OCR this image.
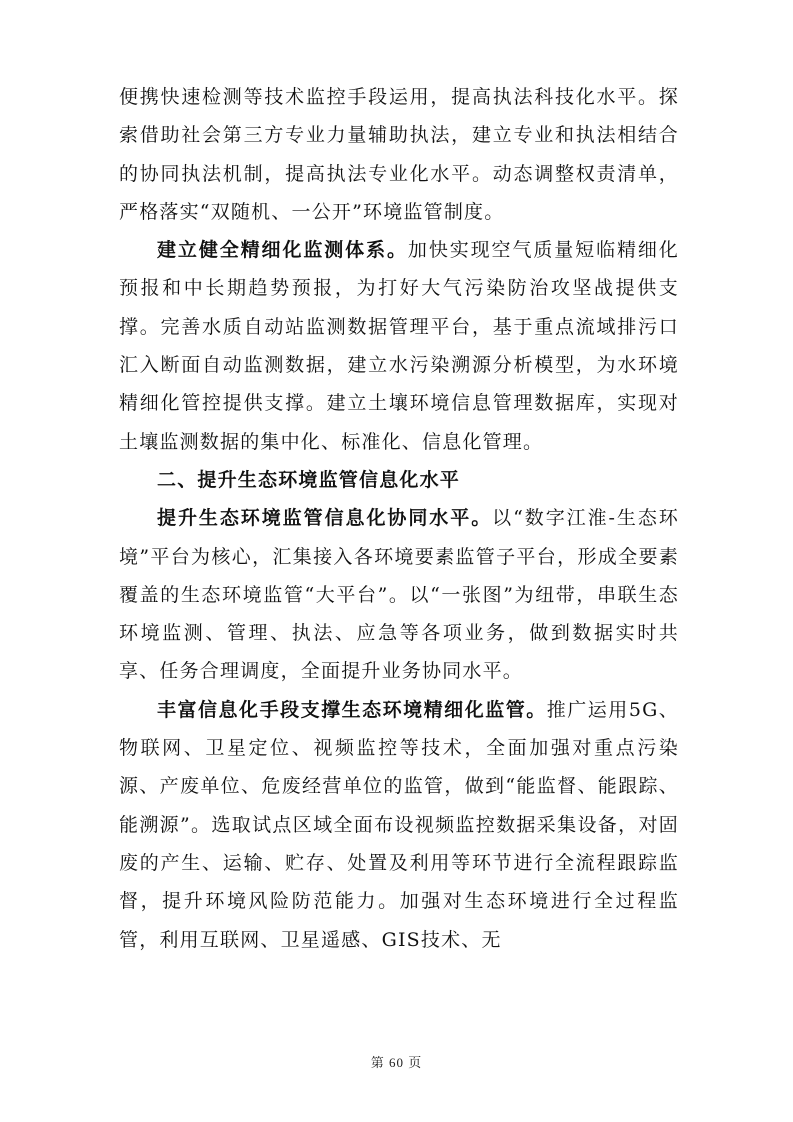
便携快速检测等技术监控手段运用，提高执法科技化水平。探索借助社会第三方专业力量辅助执法，建立专业和执法相结合的协同执法机制，提高执法专业化水平。动态调整权责清单，严格落实“双随机、一公开”环境监管制度。

建立健全精细化监测体系。加快实现空气质量短临精细化预报和中长期趋势预报，为打好大气污染防治攻坚战提供支撑。完善水质自动站监测数据管理平台，基于重点流域排污口汇入断面自动监测数据，建立水污染溯源分析模型，为水环境精细化管控提供支撑。建立土壤环境信息管理数据库，实现对土壤监测数据的集中化、标准化、信息化管理。

二、提升生态环境监管信息化水平

提升生态环境监管信息化协同水平。以“数字江淮-生态环境”平台为核心，汇集接入各环境要素监管子平台，形成全要素覆盖的生态环境监管“大平台”。以“一张图”为纽带，串联生态环境监测、管理、执法、应急等各项业务，做到数据实时共享、任务合理调度，全面提升业务协同水平。

丰富信息化手段支撑生态环境精细化监管。推广运用5G、物联网、卫星定位、视频监控等技术，全面加强对重点污染源、产废单位、危废经营单位的监管，做到“能监督、能跟踪、能溯源”。选取试点区域全面布设视频监控数据采集设备，对固废的产生、运输、贮存、处置及利用等环节进行全流程跟踪监督，提升环境风险防范能力。加强对生态环境进行全过程监管，利用互联网、卫星遥感、GIS技术、无

第 60 页
